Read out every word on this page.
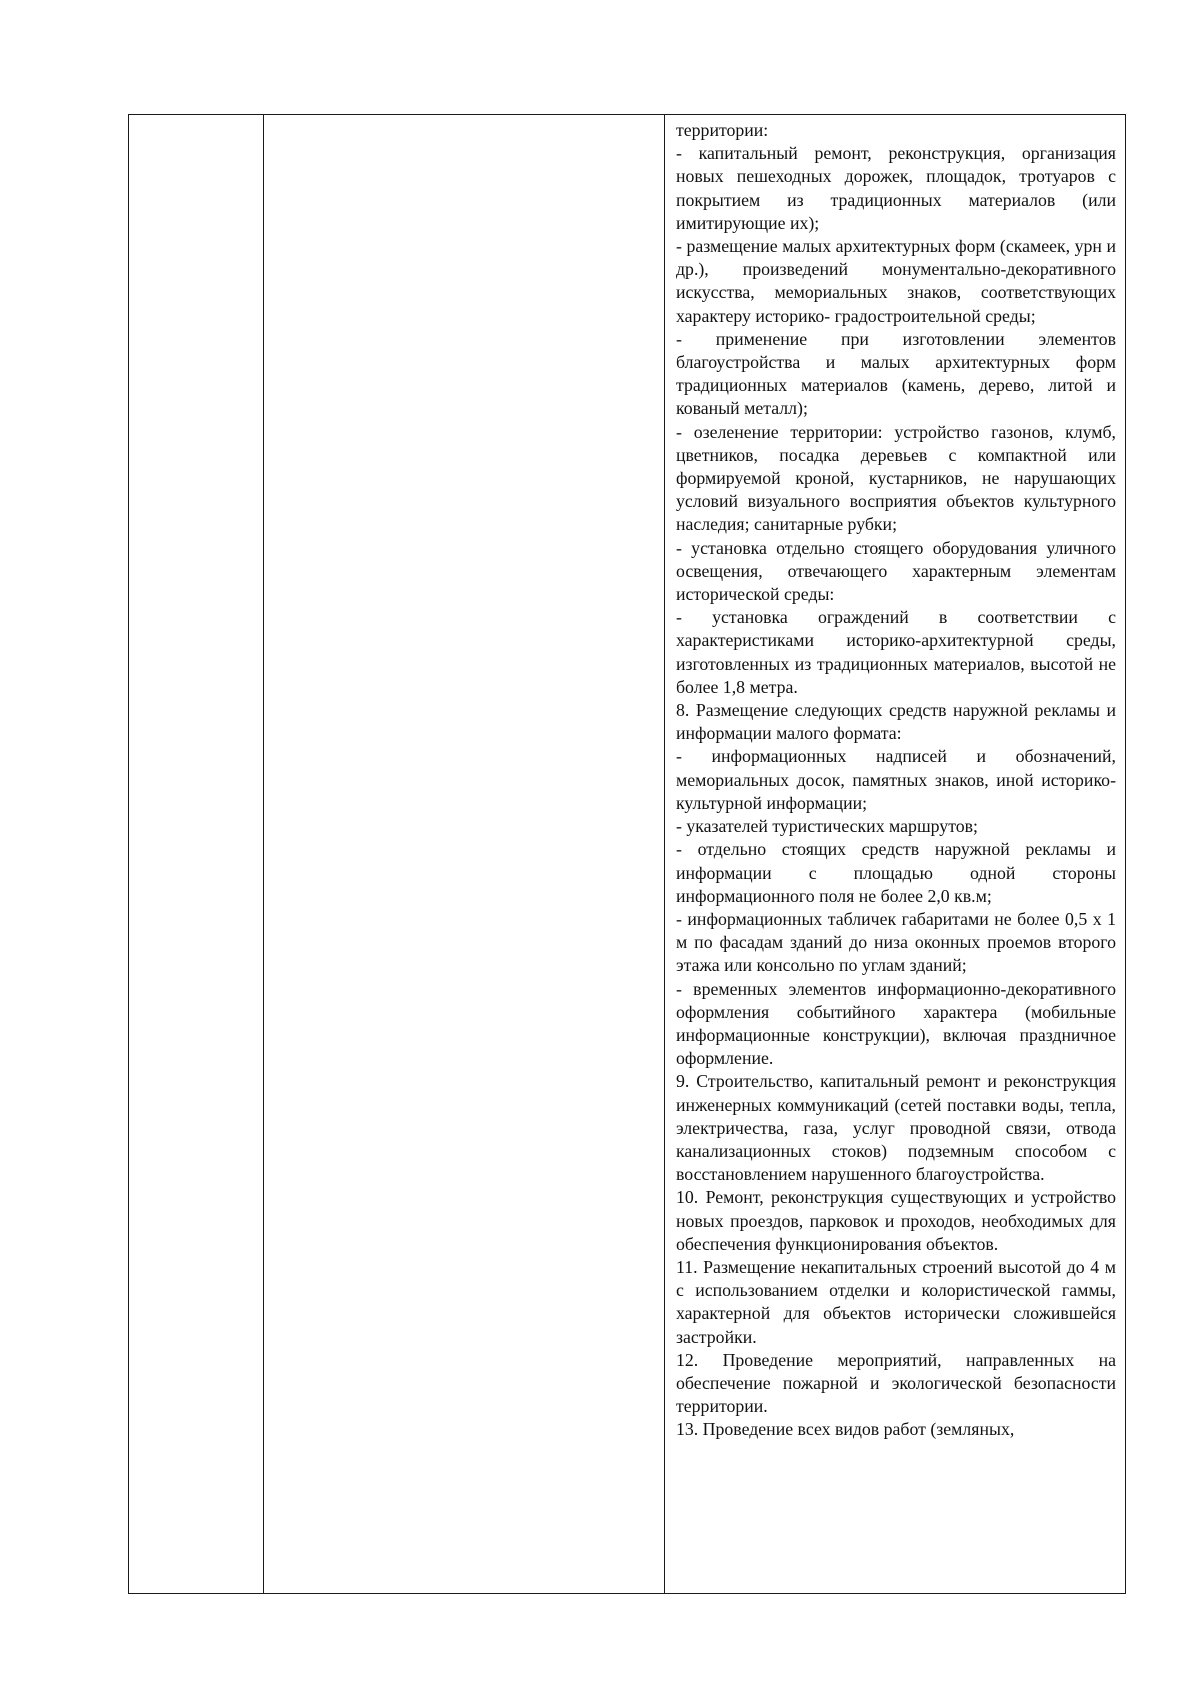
территории:

- капитальный ремонт, реконструкция, организация новых пешеходных дорожек, площадок, тротуаров с покрытием из традиционных материалов (или имитирующие их);

- размещение малых архитектурных форм (скамеек, урн и др.), произведений монументально-декоративного искусства, мемориальных знаков, соответствующих характеру историко- градостроительной среды;

- применение при изготовлении элементов благоустройства и малых архитектурных форм традиционных материалов (камень, дерево, литой и кованый металл);

- озеленение территории: устройство газонов, клумб, цветников, посадка деревьев с компактной или формируемой кроной, кустарников, не нарушающих условий визуального восприятия объектов культурного наследия; санитарные рубки;

- установка отдельно стоящего оборудования уличного освещения, отвечающего характерным элементам исторической среды:

- установка ограждений в соответствии с характеристиками историко-архитектурной среды, изготовленных из традиционных материалов, высотой не более 1,8 метра.

8. Размещение следующих средств наружной рекламы и информации малого формата:

- информационных надписей и обозначений, мемориальных досок, памятных знаков, иной историко-культурной информации;

- указателей туристических маршрутов;

- отдельно стоящих средств наружной рекламы и информации с площадью одной стороны информационного поля не более 2,0 кв.м;

- информационных табличек габаритами не более 0,5 х 1 м по фасадам зданий до низа оконных проемов второго этажа или консольно по углам зданий;

- временных элементов информационно-декоративного оформления событийного характера (мобильные информационные конструкции), включая праздничное оформление.

9. Строительство, капитальный ремонт и реконструкция инженерных коммуникаций (сетей поставки воды, тепла, электричества, газа, услуг проводной связи, отвода канализационных стоков) подземным способом с восстановлением нарушенного благоустройства.

10. Ремонт, реконструкция существующих и устройство новых проездов, парковок и проходов, необходимых для обеспечения функционирования объектов.

11. Размещение некапитальных строений высотой до 4 м с использованием отделки и колористической гаммы, характерной для объектов исторически сложившейся застройки.

12. Проведение мероприятий, направленных на обеспечение пожарной и экологической безопасности территории.

13. Проведение всех видов работ (земляных,
